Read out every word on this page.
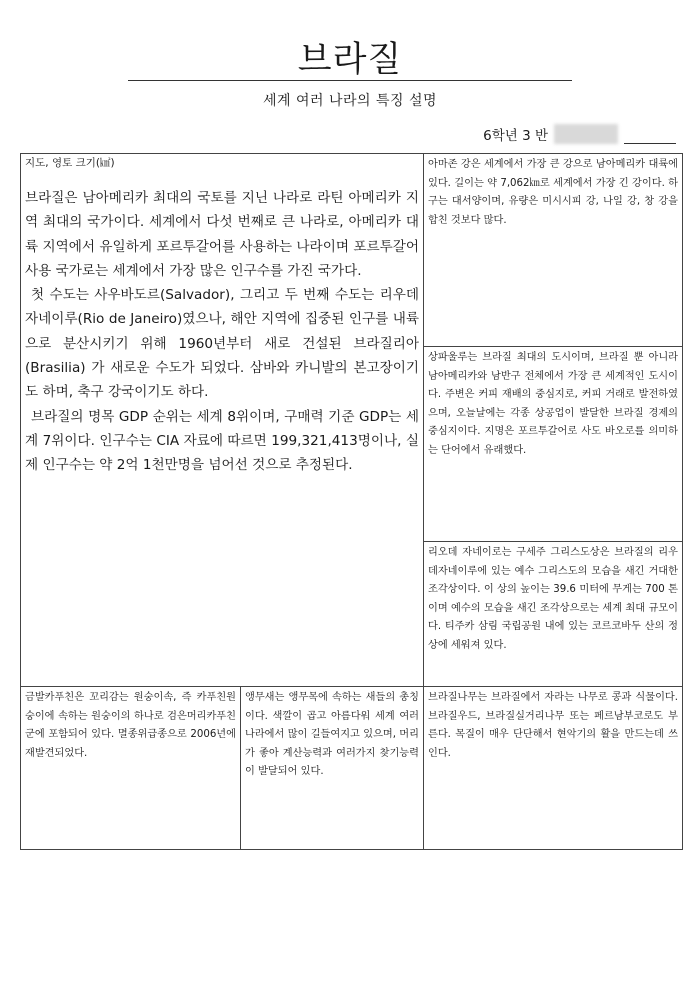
브라질
세계 여러 나라의 특징 설명
6학년 3 반
지도, 영토 크기(㎢)

브라질은 남아메리카 최대의 국토를 지닌 나라로 라틴 아메리카 지역 최대의 국가이다. 세계에서 다섯 번째로 큰 나라로, 아메리카 대륙 지역에서 유일하게 포르투갈어를 사용하는 나라이며 포르투갈어 사용 국가로는 세계에서 가장 많은 인구수를 가진 국가다.

첫 수도는 사우바도르(Salvador), 그리고 두 번째 수도는 리우데자네이루(Rio de Janeiro)였으나, 해안 지역에 집중된 인구를 내륙으로 분산시키기 위해 1960년부터 새로 건설된 브라질리아(Brasilia) 가 새로운 수도가 되었다. 삼바와 카니발의 본고장이기도 하며, 축구 강국이기도 하다.

브라질의 명목 GDP 순위는 세계 8위이며, 구매력 기준 GDP는 세계 7위이다. 인구수는 CIA 자료에 따르면 199,321,413명이나, 실제 인구수는 약 2억 1천만명을 넘어선 것으로 추정된다.		아마존 강은 세계에서 가장 큰 강으로 남아메리카 대륙에 있다. 길이는 약 7,062㎞로 세계에서 가장 긴 강이다. 하구는 대서양이며, 유량은 미시시피 강, 나일 강, 창 강을 합친 것보다 많다.
		상파울루는 브라질 최대의 도시이며, 브라질 뿐 아니라 남아메리카와 남반구 전체에서 가장 큰 세계적인 도시이다. 주변은 커피 재배의 중심지로, 커피 거래로 발전하였으며, 오늘날에는 각종 상공업이 발달한 브라질 경제의 중심지이다. 지명은 포르투갈어로 사도 바오로를 의미하는 단어에서 유래했다.
		리오데 자네이로는 구세주 그리스도상은 브라질의 리우데자네이루에 있는 예수 그리스도의 모습을 새긴 거대한 조각상이다. 이 상의 높이는 39.6 미터에 무게는 700 톤이며 예수의 모습을 새긴 조각상으로는 세계 최대 규모이다. 티주카 삼림 국립공원 내에 있는 코르코바두 산의 정상에 세워져 있다.
금발카푸친은 꼬리감는 원숭이속, 즉 카푸친원숭이에 속하는 원숭이의 하나로 검은머리카푸친 군에 포함되어 있다. 멸종위급종으로 2006년에 재발견되었다.	앵무새는 앵무목에 속하는 새들의 총칭이다. 색깔이 곱고 아름다워 세계 여러 나라에서 많이 길들여지고 있으며, 머리가 좋아 계산능력과 여러가지 찾기능력이 발달되어 있다.	브라질나무는 브라질에서 자라는 나무로 콩과 식물이다. 브라질우드, 브라질실거리나무 또는 페르남부코로도 부른다. 목질이 매우 단단해서 현악기의 활을 만드는데 쓰인다.
